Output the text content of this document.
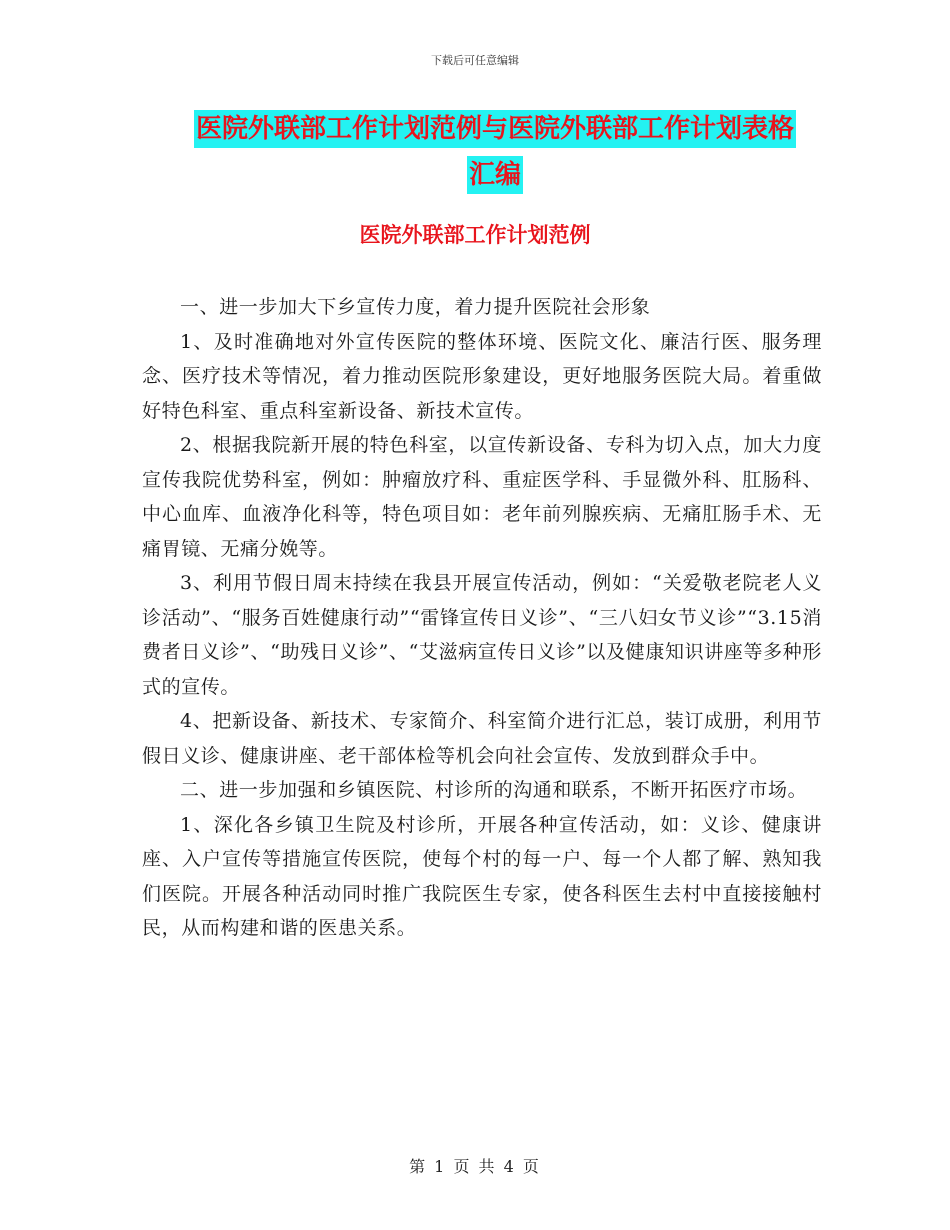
下载后可任意编辑
医院外联部工作计划范例与医院外联部工作计划表格
汇编
医院外联部工作计划范例

一、进一步加大下乡宣传力度，着力提升医院社会形象

1、及时准确地对外宣传医院的整体环境、医院文化、廉洁行医、服务理念、医疗技术等情况，着力推动医院形象建设，更好地服务医院大局。着重做好特色科室、重点科室新设备、新技术宣传。

2、根据我院新开展的特色科室，以宣传新设备、专科为切入点，加大力度宣传我院优势科室，例如：肿瘤放疗科、重症医学科、手显微外科、肛肠科、中心血库、血液净化科等，特色项目如：老年前列腺疾病、无痛肛肠手术、无痛胃镜、无痛分娩等。

3、利用节假日周末持续在我县开展宣传活动，例如：“关爱敬老院老人义诊活动”、“服务百姓健康行动”“雷锋宣传日义诊”、“三八妇女节义诊”“3.15消费者日义诊”、“助残日义诊”、“艾滋病宣传日义诊”以及健康知识讲座等多种形式的宣传。

4、把新设备、新技术、专家简介、科室简介进行汇总，装订成册，利用节假日义诊、健康讲座、老干部体检等机会向社会宣传、发放到群众手中。

二、进一步加强和乡镇医院、村诊所的沟通和联系，不断开拓医疗市场。

1、深化各乡镇卫生院及村诊所，开展各种宣传活动，如：义诊、健康讲座、入户宣传等措施宣传医院，使每个村的每一户、每一个人都了解、熟知我们医院。开展各种活动同时推广我院医生专家，使各科医生去村中直接接触村民，从而构建和谐的医患关系。

第 1 页 共 4 页
